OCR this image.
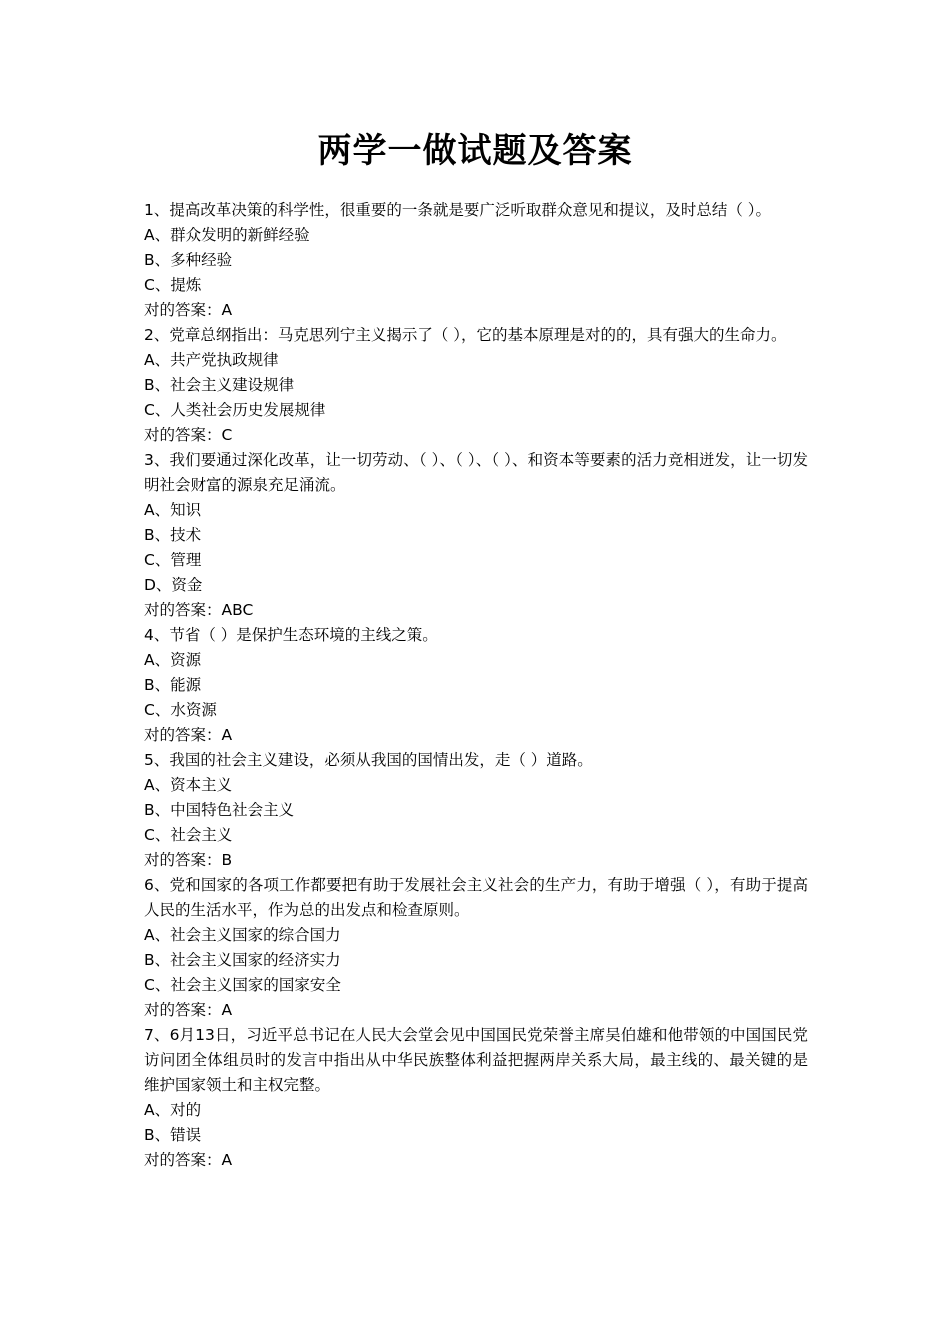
两学一做试题及答案

1、提高改革决策的科学性，很重要的一条就是要广泛听取群众意见和提议，及时总结（ ）。

A、群众发明的新鲜经验

B、多种经验

C、提炼

对的答案：A

2、党章总纲指出：马克思列宁主义揭示了（ ），它的基本原理是对的的，具有强大的生命力。

A、共产党执政规律

B、社会主义建设规律

C、人类社会历史发展规律

对的答案：C

3、我们要通过深化改革，让一切劳动、（ ）、（ ）、（ ）、和资本等要素的活力竞相迸发，让一切发明社会财富的源泉充足涌流。

A、知识

B、技术

C、管理

D、资金

对的答案：ABC

4、节省（ ）是保护生态环境的主线之策。

A、资源

B、能源

C、水资源

对的答案：A

5、我国的社会主义建设，必须从我国的国情出发，走（ ）道路。

A、资本主义

B、中国特色社会主义

C、社会主义

对的答案：B

6、党和国家的各项工作都要把有助于发展社会主义社会的生产力，有助于增强（ ），有助于提高人民的生活水平，作为总的出发点和检查原则。

A、社会主义国家的综合国力

B、社会主义国家的经济实力

C、社会主义国家的国家安全

对的答案：A

7、6月13日，习近平总书记在人民大会堂会见中国国民党荣誉主席吴伯雄和他带领的中国国民党访问团全体组员时的发言中指出从中华民族整体利益把握两岸关系大局，最主线的、最关键的是维护国家领土和主权完整。

A、对的

B、错误

对的答案：A
